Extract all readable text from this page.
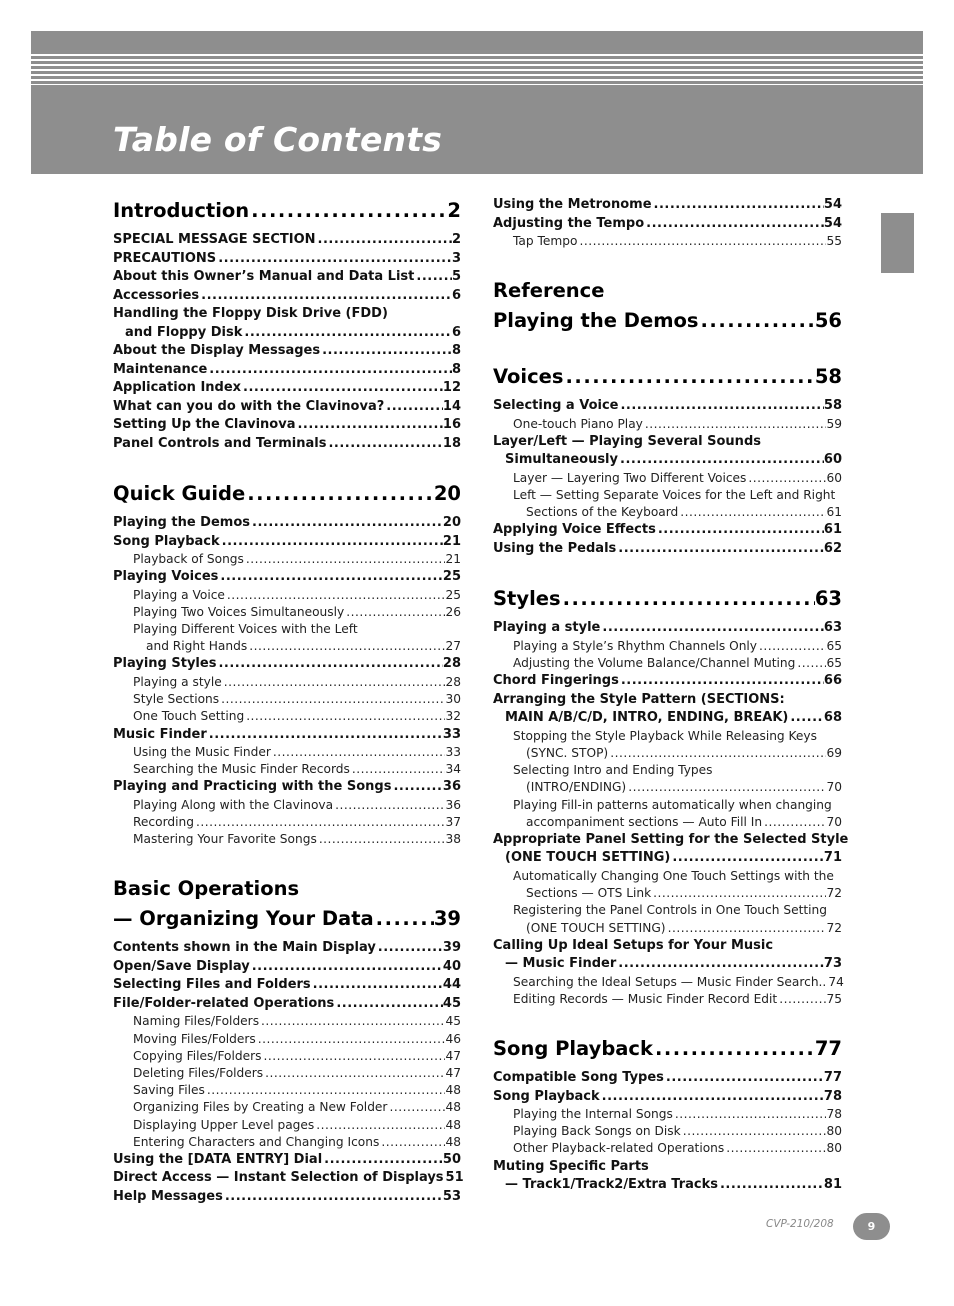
Table of Contents
Introduction .....	2
SPECIAL MESSAGE SECTION .....	2
PRECAUTIONS .....	3
About this Owner’s Manual and Data List .....	5
Accessories .....	6
Handling the Floppy Disk Drive (FDD)
and Floppy Disk .....	6
About the Display Messages .....	8
Maintenance .....	8
Application Index .....	12
What can you do with the Clavinova? .....	14
Setting Up the Clavinova .....	16
Panel Controls and Terminals .....	18
Quick Guide .....	20
Playing the Demos .....	20
Song Playback .....	21
Playback of Songs .....	21
Playing Voices .....	25
Playing a Voice .....	25
Playing Two Voices Simultaneously .....	26
Playing Different Voices with the Left
and Right Hands .....	27
Playing Styles .....	28
Playing a style .....	28
Style Sections .....	30
One Touch Setting .....	32
Music Finder .....	33
Using the Music Finder .....	33
Searching the Music Finder Records .....	34
Playing and Practicing with the Songs .....	36
Playing Along with the Clavinova .....	36
Recording .....	37
Mastering Your Favorite Songs .....	38
Basic Operations
— Organizing Your Data .....	39
Contents shown in the Main Display .....	39
Open/Save Display .....	40
Selecting Files and Folders .....	44
File/Folder-related Operations .....	45
Naming Files/Folders .....	45
Moving Files/Folders .....	46
Copying Files/Folders .....	47
Deleting Files/Folders .....	47
Saving Files .....	48
Organizing Files by Creating a New Folder .....	48
Displaying Upper Level pages .....	48
Entering Characters and Changing Icons .....	48
Using the [DATA ENTRY] Dial .....	50
Direct Access — Instant Selection of Displays 51
Help Messages .....	53
Using the Metronome .....	54
Adjusting the Tempo .....	54
Tap Tempo .....	55
Reference
Playing the Demos .....	56
Voices .....	58
Selecting a Voice .....	58
One-touch Piano Play .....	59
Layer/Left — Playing Several Sounds
Simultaneously .....	60
Layer — Layering Two Different Voices .....	60
Left — Setting Separate Voices for the Left and Right
Sections of the Keyboard .....	61
Applying Voice Effects .....	61
Using the Pedals .....	62
Styles .....	63
Playing a style .....	63
Playing a Style’s Rhythm Channels Only .....	65
Adjusting the Volume Balance/Channel Muting .....	65
Chord Fingerings .....	66
Arranging the Style Pattern (SECTIONS:
MAIN A/B/C/D, INTRO, ENDING, BREAK) .....	68
Stopping the Style Playback While Releasing Keys
(SYNC. STOP) .....	69
Selecting Intro and Ending Types
(INTRO/ENDING) .....	70
Playing Fill-in patterns automatically when changing
accompaniment sections — Auto Fill In .....	70
Appropriate Panel Setting for the Selected Style
(ONE TOUCH SETTING) .....	71
Automatically Changing One Touch Settings with the
Sections — OTS Link .....	72
Registering the Panel Controls in One Touch Setting
(ONE TOUCH SETTING) .....	72
Calling Up Ideal Setups for Your Music
— Music Finder .....	73
Searching the Ideal Setups — Music Finder Search.. 74
Editing Records — Music Finder Record Edit .....	75
Song Playback .....	77
Compatible Song Types .....	77
Song Playback .....	78
Playing the Internal Songs .....	78
Playing Back Songs on Disk .....	80
Other Playback-related Operations .....	80
Muting Specific Parts
— Track1/Track2/Extra Tracks .....	81
CVP-210/208	9
